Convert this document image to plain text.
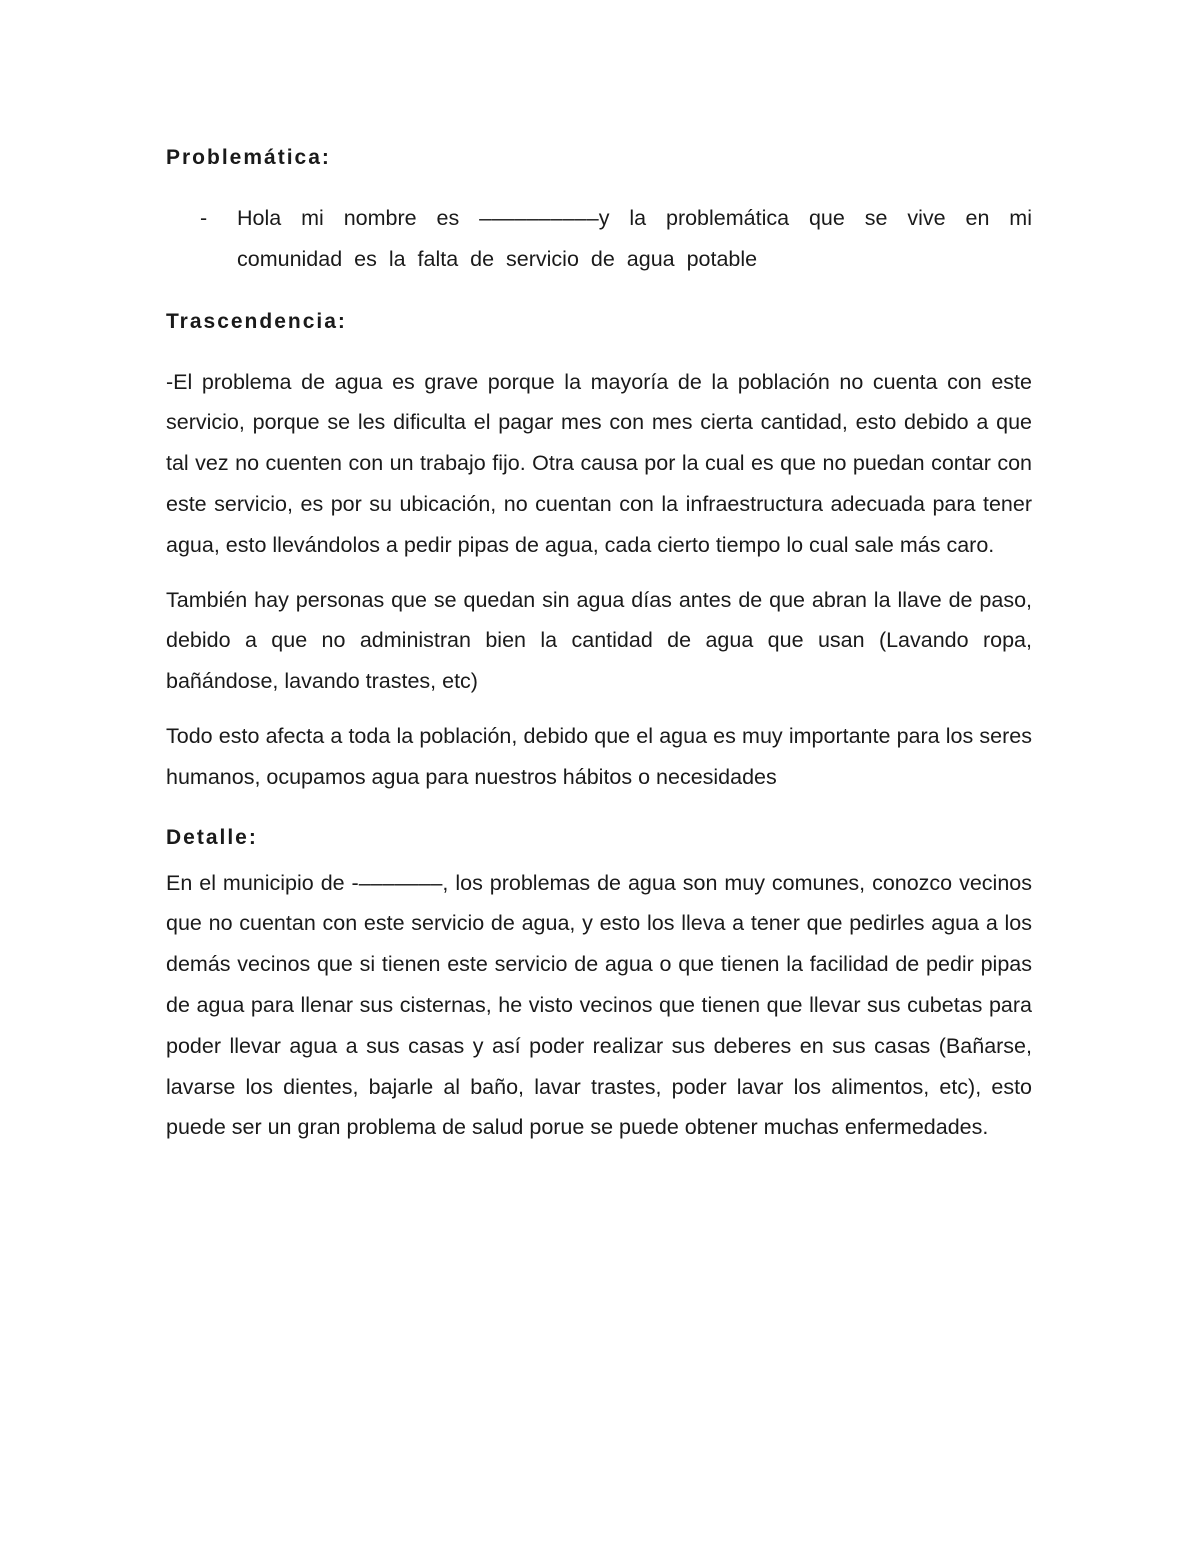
Problemática:
-	Hola mi nombre es ––––––––––y la problemática que se vive en mi comunidad es la falta de servicio de agua potable
Trascendencia:

-El problema de agua es grave porque la mayoría de la población no cuenta con este servicio, porque se les dificulta el pagar mes con mes cierta cantidad, esto debido a que tal vez no cuenten con un trabajo fijo. Otra causa por la cual es que no puedan contar con este servicio, es por su ubicación, no cuentan con la infraestructura adecuada para tener agua, esto llevándolos a pedir pipas de agua, cada cierto tiempo lo cual sale más caro.

También hay personas que se quedan sin agua días antes de que abran la llave de paso, debido a que no administran bien la cantidad de agua que usan (Lavando ropa, bañándose, lavando trastes, etc)

Todo esto afecta a toda la población, debido que el agua es muy importante para los seres humanos, ocupamos agua para nuestros hábitos o necesidades

Detalle:

En el municipio de -–––––––, los problemas de agua son muy comunes, conozco vecinos que no cuentan con este servicio de agua, y esto los lleva a tener que pedirles agua a los demás vecinos que si tienen este servicio de agua o que tienen la facilidad de pedir pipas de agua para llenar sus cisternas, he visto vecinos que tienen que llevar sus cubetas para poder llevar agua a sus casas y así poder realizar sus deberes en sus casas (Bañarse, lavarse los dientes, bajarle al baño, lavar trastes, poder lavar los alimentos, etc), esto puede ser un gran problema de salud porue se puede obtener muchas enfermedades.
